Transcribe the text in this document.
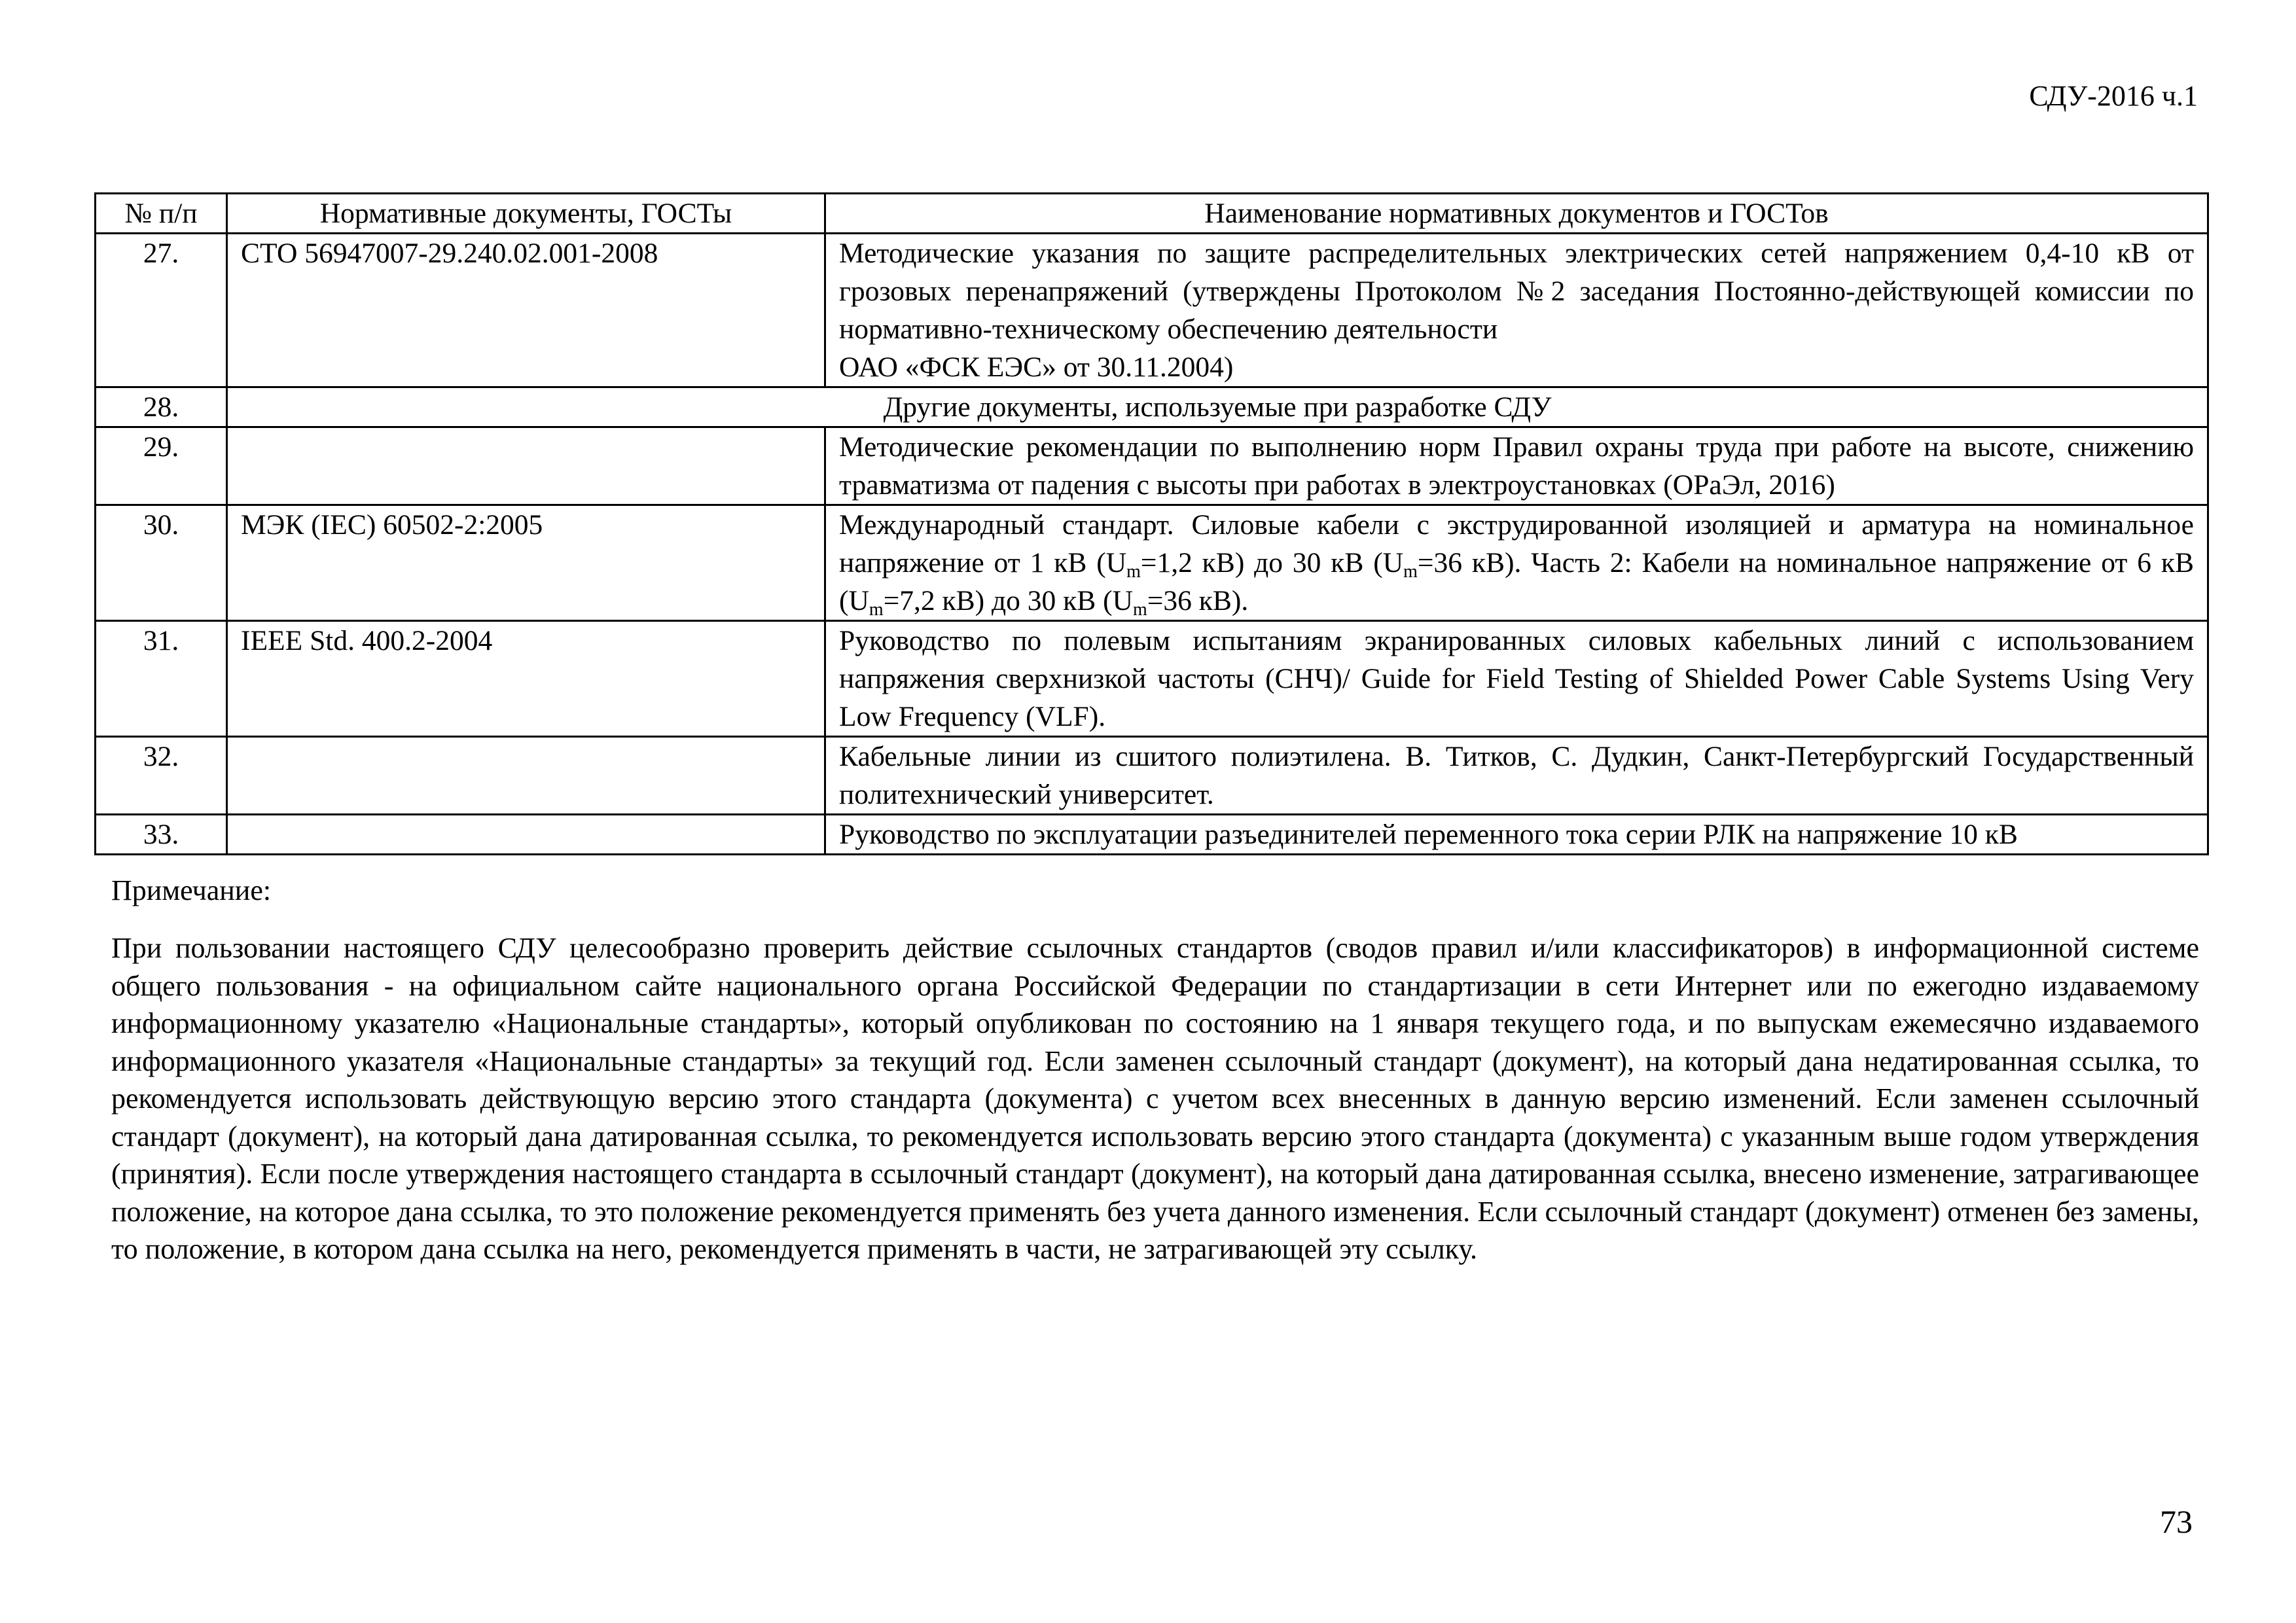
СДУ-2016 ч.1
№ п/п	Нормативные документы, ГОСТы	Наименование нормативных документов и ГОСТов
27.	СТО 56947007-29.240.02.001-2008	Методические указания по защите распределительных электрических сетей напряжением 0,4-10 кВ от грозовых перенапряжений (утверждены Протоколом №2 заседания Постоянно-действующей комиссии по нормативно-техническому обеспечению деятельности
ОАО «ФСК ЕЭС» от 30.11.2004)
28.	Другие документы, используемые при разработке СДУ	
29.		Методические рекомендации по выполнению норм Правил охраны труда при работе на высоте, снижению травматизма от падения с высоты при работах в электроустановках (ОРаЭл, 2016)
30.	МЭК (IEC) 60502-2:2005	Международный стандарт. Силовые кабели с экструдированной изоляцией и арматура на номинальное напряжение от 1 кВ ($U_m=1,2$ кВ) до 30 кВ ($U_m=36$ кВ). Часть 2: Кабели на номинальное напряжение от 6 кВ ($U_m=7,2$ кВ) до 30 кВ ($U_m=36$ кВ).
31.	IEEE Std. 400.2-2004	Руководство по полевым испытаниям экранированных силовых кабельных линий с использованием напряжения сверхнизкой частоты (СНЧ)/ Guide for Field Testing of Shielded Power Cable Systems Using Very Low Frequency (VLF).
32.		Кабельные линии из сшитого полиэтилена. В. Титков, С. Дудкин, Санкт-Петербургский Государственный политехнический университет.
33.		Руководство по эксплуатации разъединителей переменного тока серии РЛК на напряжение 10 кВ
Примечание:
При пользовании настоящего СДУ целесообразно проверить действие ссылочных стандартов (сводов правил и/или классификаторов) в информационной системе общего пользования - на официальном сайте национального органа Российской Федерации по стандартизации в сети Интернет или по ежегодно издаваемому информационному указателю «Национальные стандарты», который опубликован по состоянию на 1 января текущего года, и по выпускам ежемесячно издаваемого информационного указателя «Национальные стандарты» за текущий год. Если заменен ссылочный стандарт (документ), на который дана недатированная ссылка, то рекомендуется использовать действующую версию этого стандарта (документа) с учетом всех внесенных в данную версию изменений. Если заменен ссылочный стандарт (документ), на который дана датированная ссылка, то рекомендуется использовать версию этого стандарта (документа) с указанным выше годом утверждения (принятия). Если после утверждения настоящего стандарта в ссылочный стандарт (документ), на который дана датированная ссылка, внесено изменение, затрагивающее положение, на которое дана ссылка, то это положение рекомендуется применять без учета данного изменения. Если ссылочный стандарт (документ) отменен без замены, то положение, в котором дана ссылка на него, рекомендуется применять в части, не затрагивающей эту ссылку.
73
